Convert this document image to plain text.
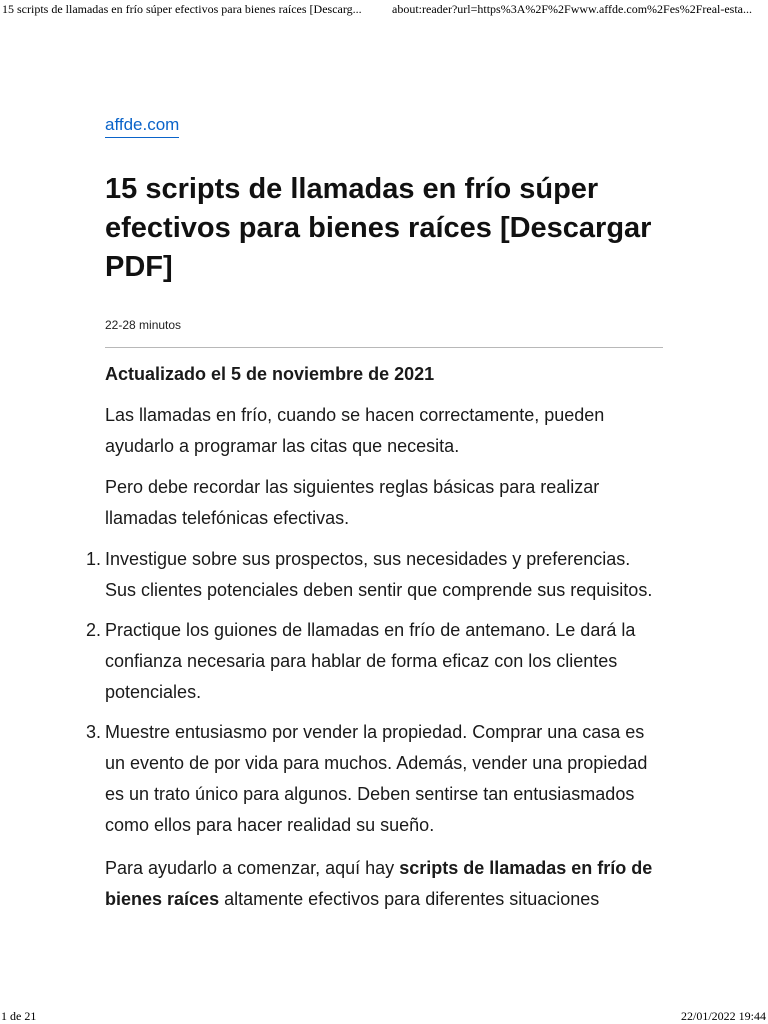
15 scripts de llamadas en frío súper efectivos para bienes raíces [Descarg...	about:reader?url=https%3A%2F%2Fwww.affde.com%2Fes%2Freal-esta...
affde.com
15 scripts de llamadas en frío súper efectivos para bienes raíces [Descargar PDF]
22-28 minutos
Actualizado el 5 de noviembre de 2021

Las llamadas en frío, cuando se hacen correctamente, pueden ayudarlo a programar las citas que necesita.

Pero debe recordar las siguientes reglas básicas para realizar llamadas telefónicas efectivas.

1. Investigue sobre sus prospectos, sus necesidades y preferencias. Sus clientes potenciales deben sentir que comprende sus requisitos.
2. Practique los guiones de llamadas en frío de antemano. Le dará la confianza necesaria para hablar de forma eficaz con los clientes potenciales.
3. Muestre entusiasmo por vender la propiedad. Comprar una casa es un evento de por vida para muchos. Además, vender una propiedad es un trato único para algunos. Deben sentirse tan entusiasmados como ellos para hacer realidad su sueño.

Para ayudarlo a comenzar, aquí hay scripts de llamadas en frío de bienes raíces altamente efectivos para diferentes situaciones

1 de 21	22/01/2022 19:44
